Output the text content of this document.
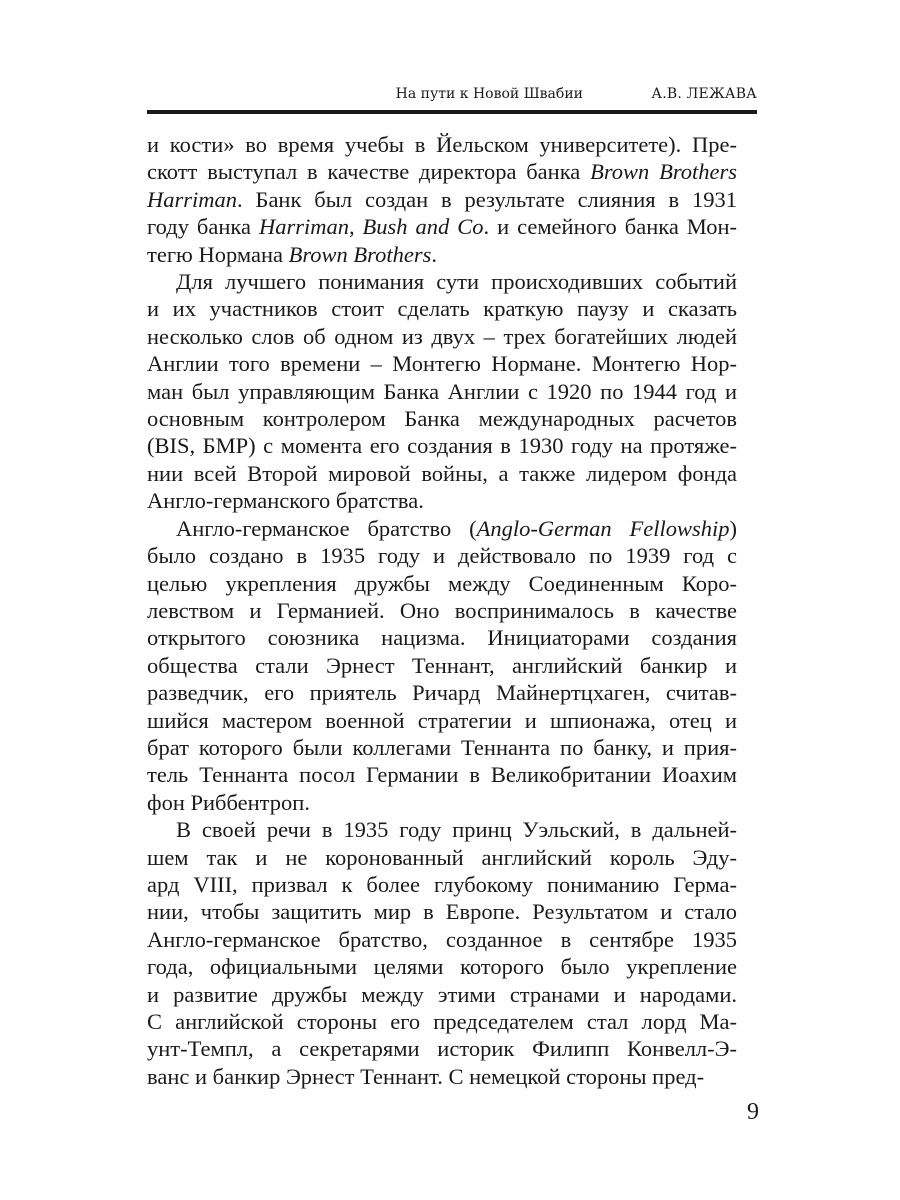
На пути к Новой Швабии	А.В. ЛЕЖАВА

и кости» во время учебы в Йельском университете). Пре-
скотт выступал в качестве директора банка Brown Brothers
Harriman. Банк был создан в результате слияния в 1931
году банка Harriman, Bush and Co. и семейного банка Мон-
тегю Нормана Brown Brothers.

Для лучшего понимания сути происходивших событий
и их участников стоит сделать краткую паузу и сказать
несколько слов об одном из двух – трех богатейших людей
Англии того времени – Монтегю Нормане. Монтегю Нор-
ман был управляющим Банка Англии с 1920 по 1944 год и
основным контролером Банка международных расчетов
(BIS, БМР) с момента его создания в 1930 году на протяже-
нии всей Второй мировой войны, а также лидером фонда
Англо-германского братства.

Англо-германское братство (Anglo-German Fellowship)
было создано в 1935 году и действовало по 1939 год с
целью укрепления дружбы между Соединенным Коро-
левством и Германией. Оно воспринималось в качестве
открытого союзника нацизма. Инициаторами создания
общества стали Эрнест Теннант, английский банкир и
разведчик, его приятель Ричард Майнертцхаген, считав-
шийся мастером военной стратегии и шпионажа, отец и
брат которого были коллегами Теннанта по банку, и прия-
тель Теннанта посол Германии в Великобритании Иоахим
фон Риббентроп.

В своей речи в 1935 году принц Уэльский, в дальней-
шем так и не коронованный английский король Эду-
ард VIII, призвал к более глубокому пониманию Герма-
нии, чтобы защитить мир в Европе. Результатом и стало
Англо-германское братство, созданное в сентябре 1935
года, официальными целями которого было укрепление
и развитие дружбы между этими странами и народами.
С английской стороны его председателем стал лорд Ма-
унт-Темпл, а секретарями историк Филипп Конвелл-Э-
ванс и банкир Эрнест Теннант. С немецкой стороны пред-

9
